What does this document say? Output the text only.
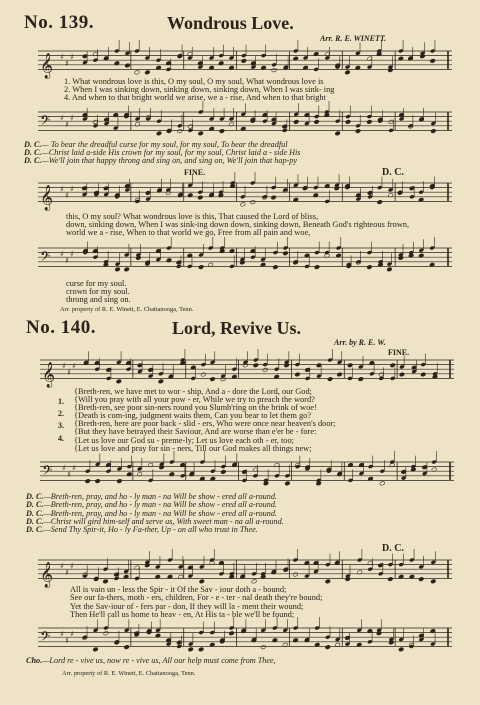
No. 139.	Wondrous Love.
Arr. R. E. WINETT.
𝄞 ♯
♯
♯
1. What wondrous love is this, O my soul, O my soul, What wondrous love is
2. When I was sinking down, sinking down, sinking down, When I was sink- ing
4. And when to that bright world we arise, we a - rise, And when to that bright
𝄢 ♯
♯
♯
D. C.— To bear the dreadful curse for my soul, for my soul, To bear the dreadful
D. C.—Christ laid a-side His crown for my soul, for my soul, Christ laid a - side His
D. C.—We'll join that happy throng and sing on, and sing on, We'll join that hap-py
FINE.	D. C.
𝄞 ♯
♯
♯
this, O my soul? What wondrous love is this, That caused the Lord of bliss,
down, sinking down, When I was sink-ing down down, sinking down, Beneath God's righteous frown,
world we a - rise, When to that world we go, Free from all pain and woe,
𝄢 ♯
♯
♯
curse for my soul.
crown for my soul.
throng and sing on.
Arr. property of R. E. Winett, E. Chattanooga, Tenn.
No. 140.	Lord, Revive Us.
Arr. by R. E. W.
FINE.
𝄞 ♯
♯
♯
1.
2.
3.
4.
{Breth-ren, we have met to wor - ship, And a - dore the Lord, our God;
{Will you pray with all your pow - er, While we try to preach the word?
{Breth-ren, see poor sin-ners round you Slumb'ring on the brink of woe!
{Death is com-ing, judgment waits them, Can you bear to let them go?
{Breth-ren, here are poor back - slid - ers, Who were once near heaven's door;
{But they have betrayed their Saviour, And are worse than e'er be - fore:
{Let us love our God su - preme-ly; Let us love each oth - er, too;
{Let us love and pray for sin - ners, Till our God makes all things new;
𝄢 ♯
♯
♯
D. C.—Breth-ren, pray, and ho - ly man - na Will be show - ered all a-round.
D. C.—Breth-ren, pray, and ho - ly man - na Will be show - ered all a-round.
D. C.—Breth-ren, pray, and ho - ly man - na Will be show - ered all a-round.
D. C.—Christ will gird him-self and serve us, With sweet man - na all a-round.
D. C.—Send Thy Spir-it, Ho - ly Fa-ther, Up - on all who trust in Thee.
D. C.
𝄞 ♯
♯
♯
All is vain un - less the Spir - it Of the Sav - iour doth a - bound;
See our fa-thers, moth - ers, children, For - e - ter - nal death they're bound;
Yet the Sav-iour of - fers par - don, If they will la - ment their wound;
Then He'll call us home to heav - en, At His ta - ble we'll be found;
𝄢 ♯
♯
♯
Cho.—Lord re - vive us, now re - vive us, All our help must come from Thee,
Arr. property of R. E. Winett, E. Chattanooga, Tenn.
